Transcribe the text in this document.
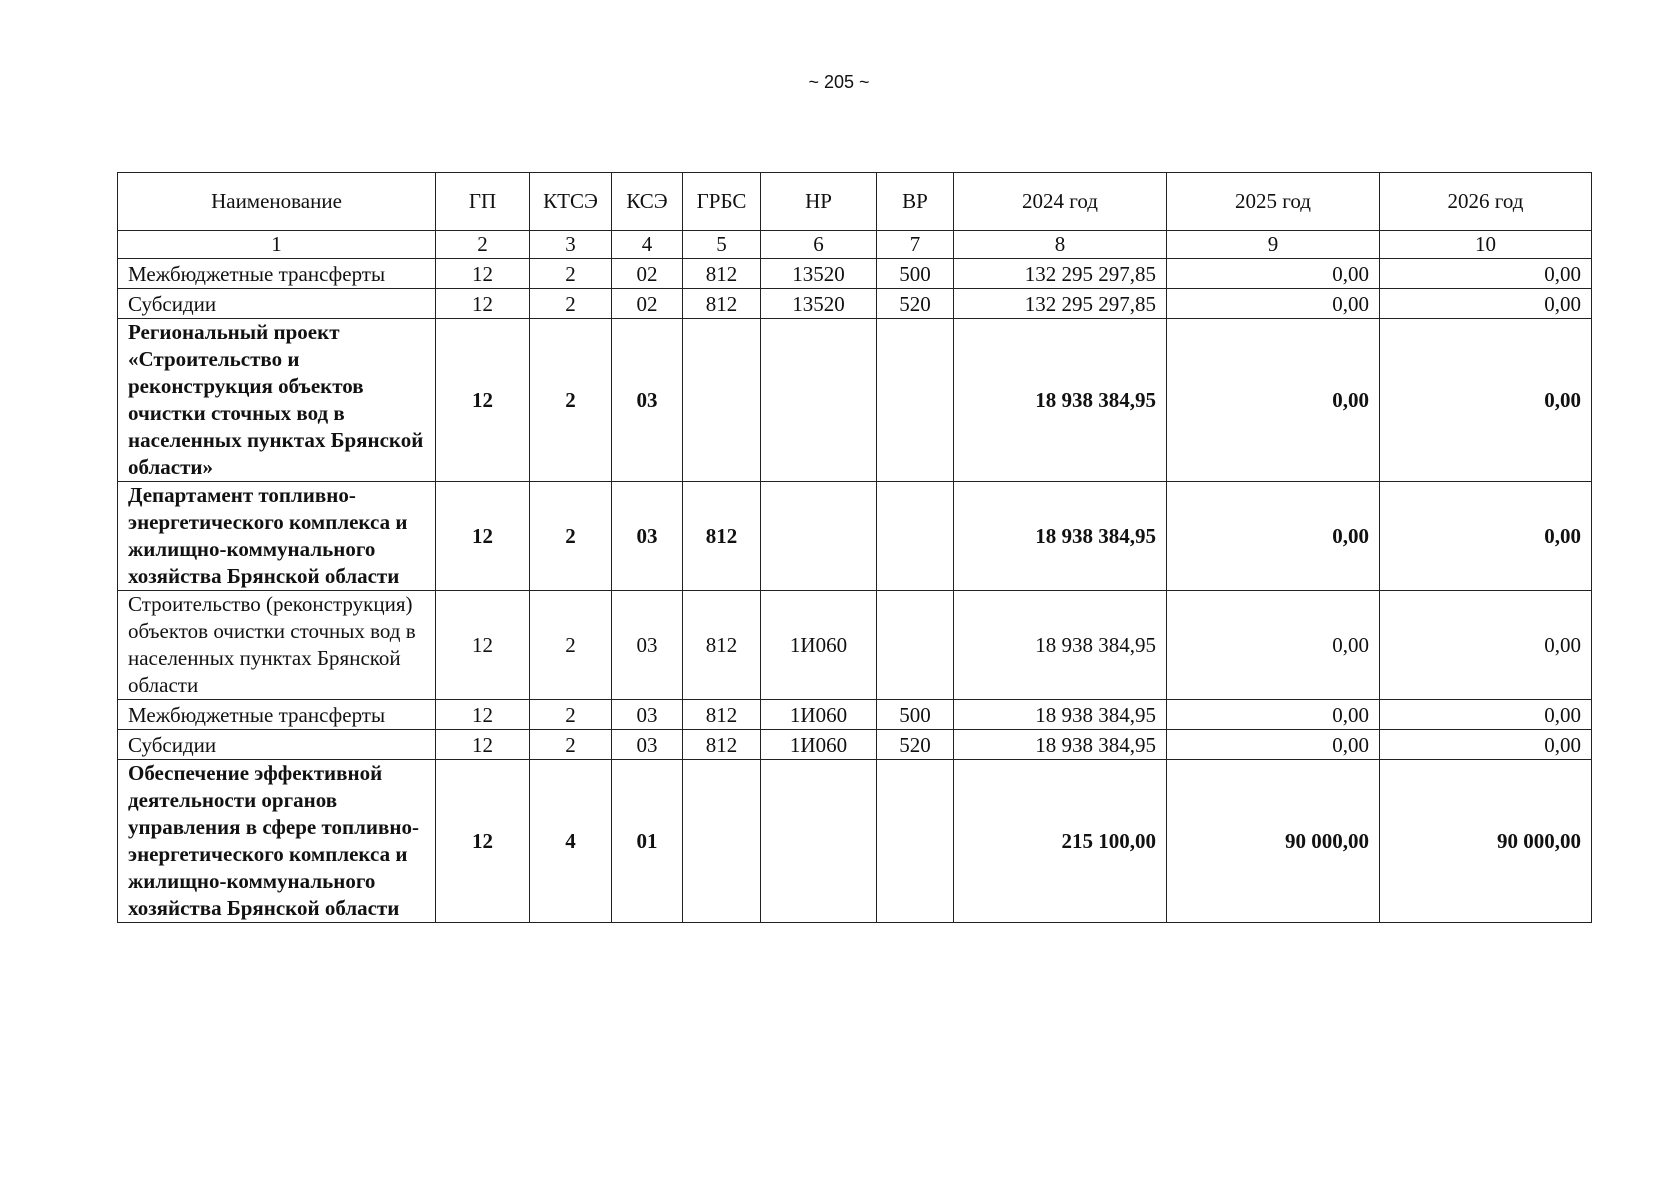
~ 205 ~
Наименование	ГП	КТСЭ	КСЭ	ГРБС	НР	ВР	2024 год	2025 год	2026 год
1	2	3	4	5	6	7	8	9	10
Межбюджетные трансферты	12	2	02	812	13520	500	132 295 297,85	0,00	0,00
Субсидии	12	2	02	812	13520	520	132 295 297,85	0,00	0,00
Региональный проект «Строительство и реконструкция объектов очистки сточных вод в населенных пунктах Брянской области»	12	2	03				18 938 384,95	0,00	0,00
Департамент топливно-энергетического комплекса и жилищно-коммунального хозяйства Брянской области	12	2	03	812			18 938 384,95	0,00	0,00
Строительство (реконструкция) объектов очистки сточных вод в населенных пунктах Брянской области	12	2	03	812	1И060		18 938 384,95	0,00	0,00
Межбюджетные трансферты	12	2	03	812	1И060	500	18 938 384,95	0,00	0,00
Субсидии	12	2	03	812	1И060	520	18 938 384,95	0,00	0,00
Обеспечение эффективной деятельности органов управления в сфере топливно-энергетического комплекса и жилищно-коммунального хозяйства Брянской области	12	4	01				215 100,00	90 000,00	90 000,00
